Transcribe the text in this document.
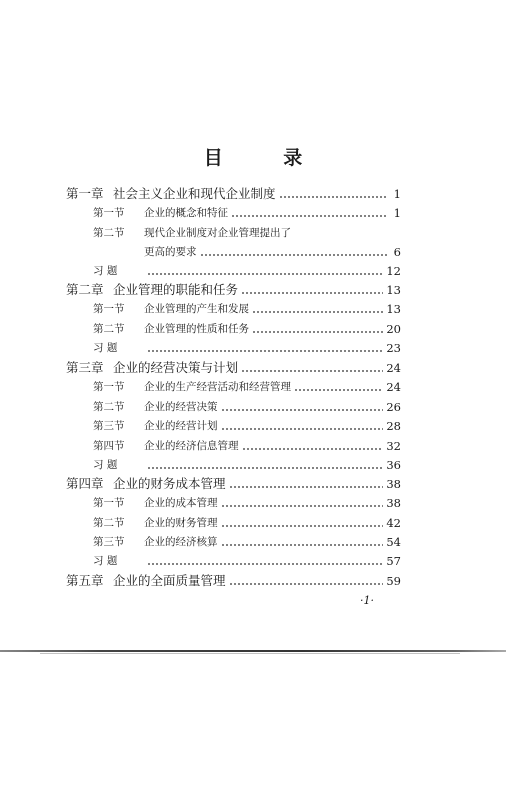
目 录
第一章 社会主义企业和现代企业制度	1
第一节	企业的概念和特征	1
第二节	现代企业制度对企业管理提出了
更高的要求	6
习 题	12
第二章 企业管理的职能和任务	13
第一节	企业管理的产生和发展	13
第二节	企业管理的性质和任务	20
习 题	23
第三章 企业的经营决策与计划	24
第一节	企业的生产经营活动和经营管理	24
第二节	企业的经营决策	26
第三节	企业的经营计划	28
第四节	企业的经济信息管理	32
习 题	36
第四章 企业的财务成本管理	38
第一节	企业的成本管理	38
第二节	企业的财务管理	42
第三节	企业的经济核算	54
习 题	57
第五章 企业的全面质量管理	59
·1·
